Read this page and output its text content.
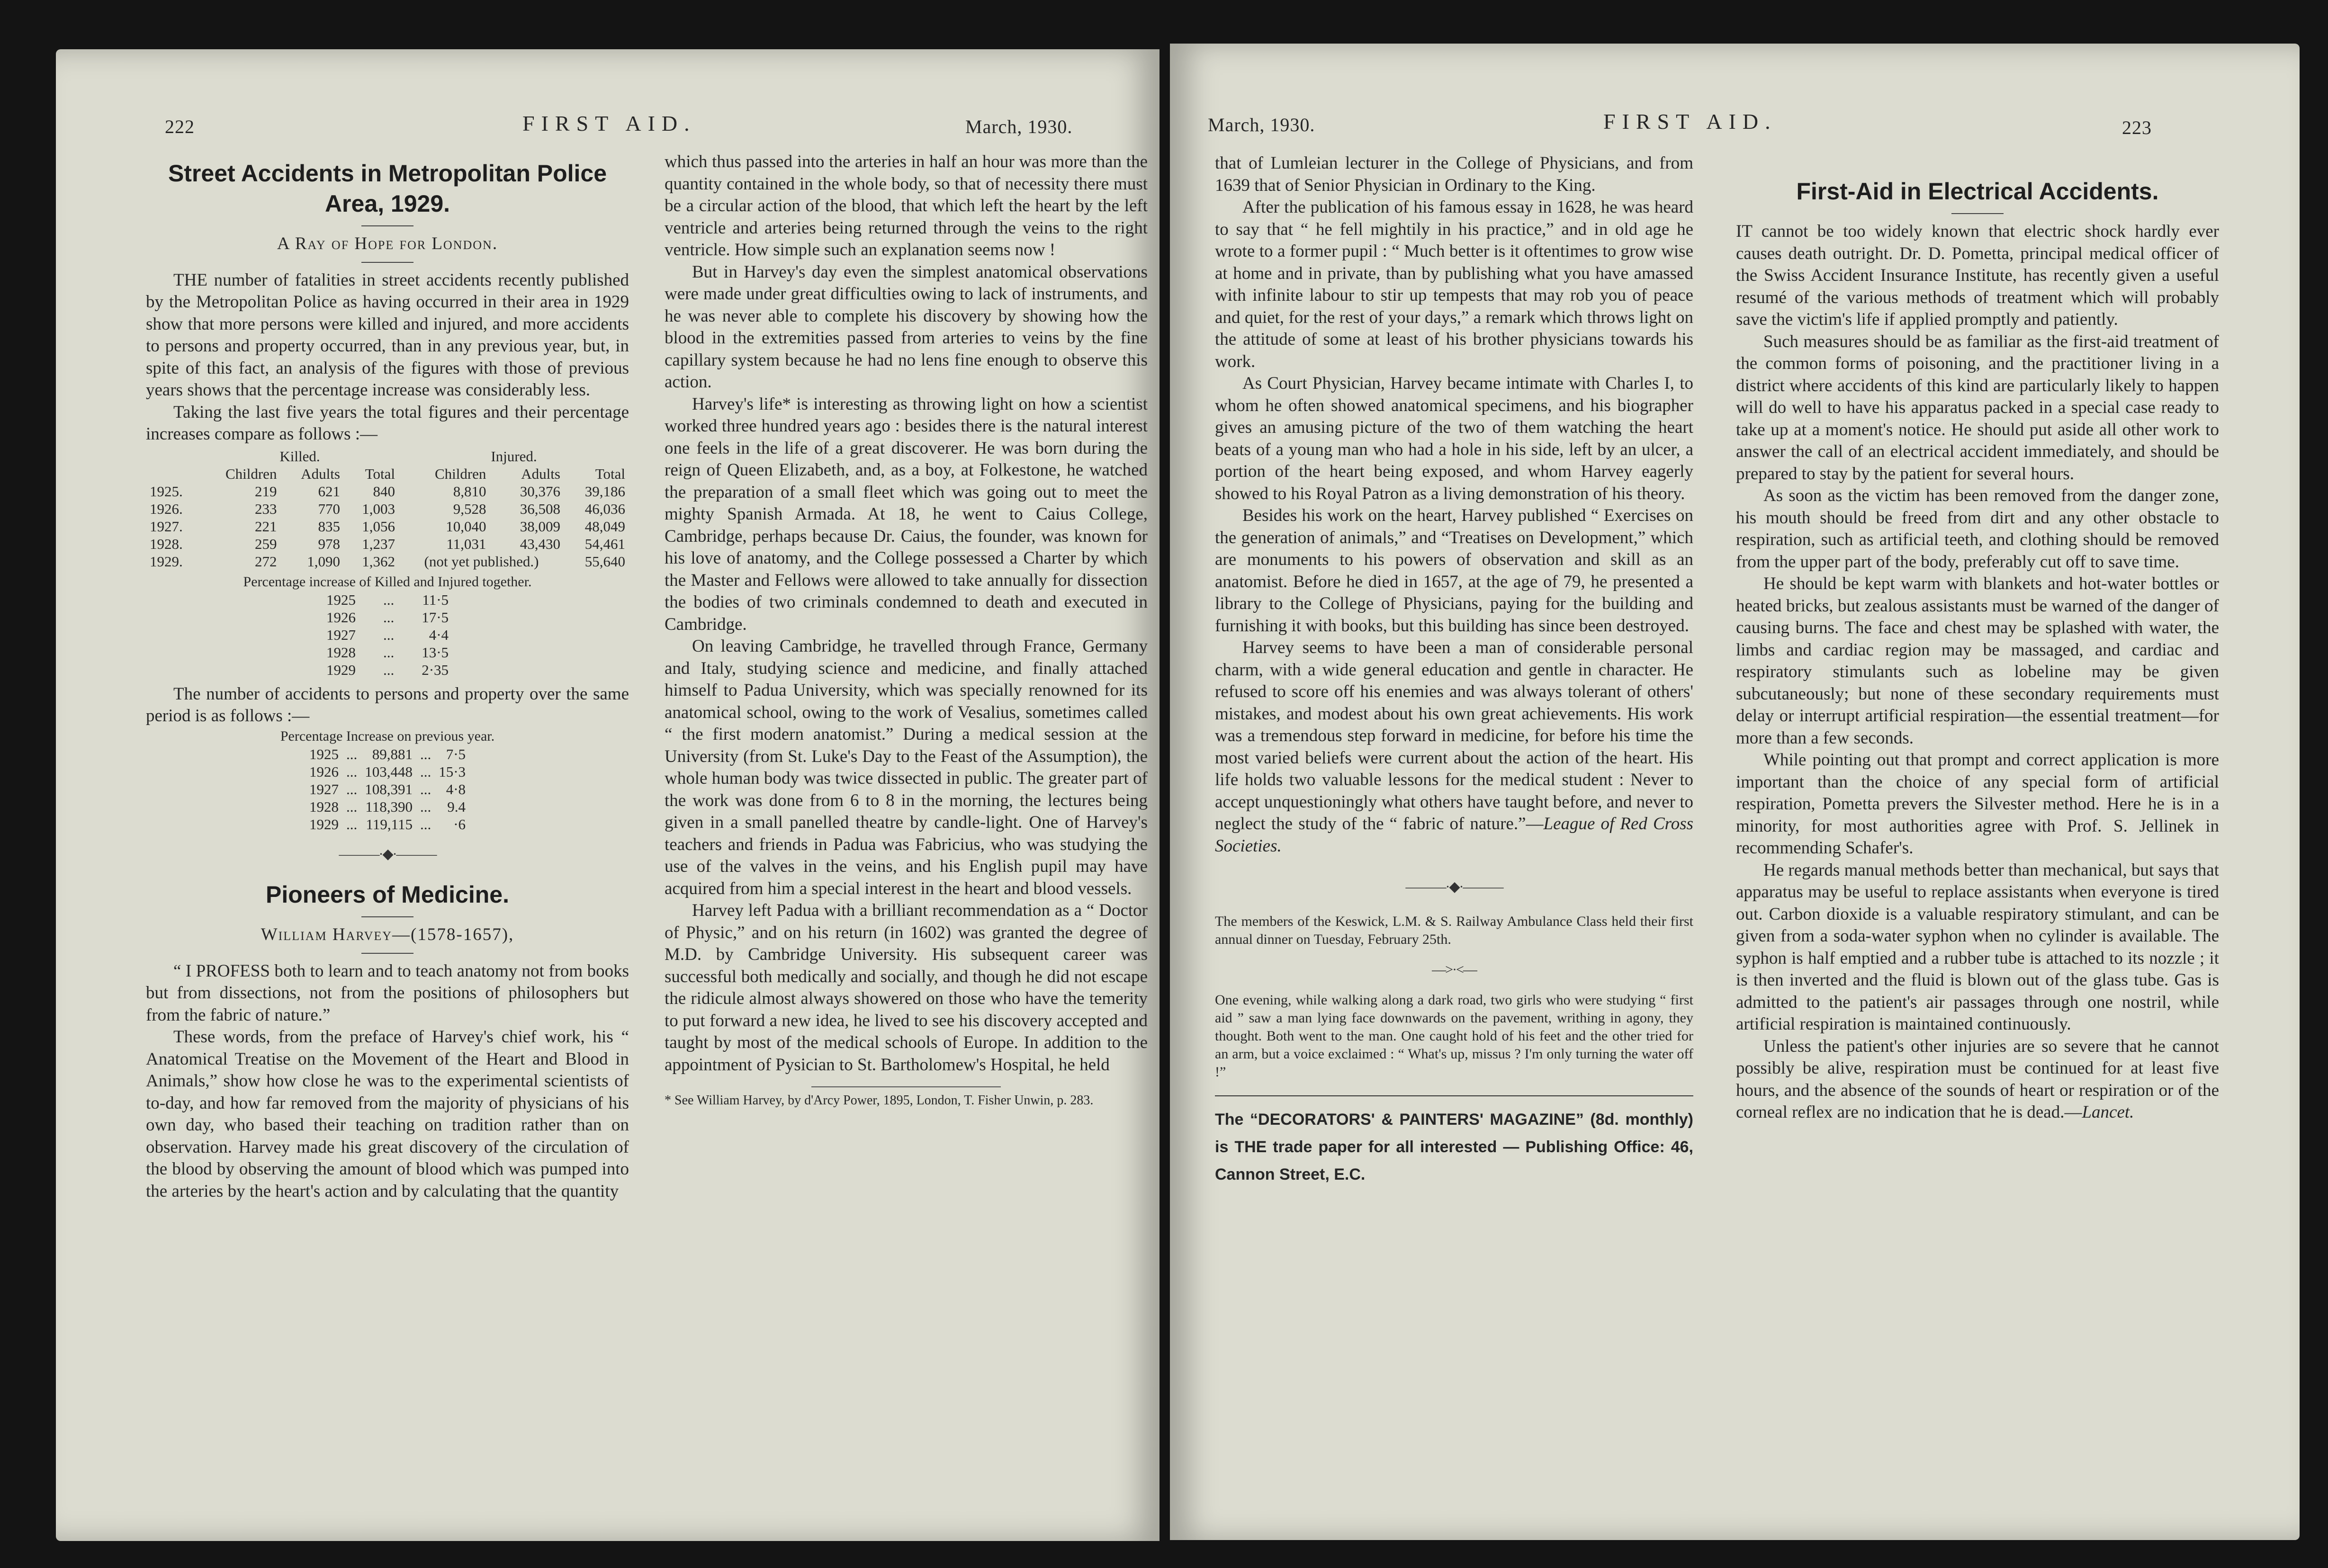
222	FIRST AID.	March, 1930.
Street Accidents in Metropolitan Police Area, 1929.
A Ray of Hope for London.

THE number of fatalities in street accidents recently published by the Metropolitan Police as having occurred in their area in 1929 show that more persons were killed and injured, and more accidents to persons and property occurred, than in any previous year, but, in spite of this fact, an analysis of the figures with those of previous years shows that the percentage increase was considerably less.

Taking the last five years the total figures and their percentage increases compare as follows :—

	Killed.			Injured.		
	Children	Adults	Total	Children	Adults	Total
1925.	219	621	840	8,810	30,376	39,186
1926.	233	770	1,003	9,528	36,508	46,036
1927.	221	835	1,056	10,040	38,009	48,049
1928.	259	978	1,237	11,031	43,430	54,461
1929.	272	1,090	1,362	(not yet published.)		55,640
Percentage increase of Killed and Injured together.
1925	...	11·5
1926	...	17·5
1927	...	4·4
1928	...	13·5
1929	...	2·35

The number of accidents to persons and property over the same period is as follows :—

Percentage Increase on previous year.
1925	...	89,881	...	7·5
1926	...	103,448	...	15·3
1927	...	108,391	...	4·8
1928	...	118,390	...	9.4
1929	...	119,115	...	·6
———·◆·———
Pioneers of Medicine.
William Harvey—(1578-1657),

“ I PROFESS both to learn and to teach anatomy not from books but from dissections, not from the positions of philosophers but from the fabric of nature.”

These words, from the preface of Harvey's chief work, his “ Anatomical Treatise on the Movement of the Heart and Blood in Animals,” show how close he was to the experimental scientists of to-day, and how far removed from the majority of physicians of his own day, who based their teaching on tradition rather than on observation. Harvey made his great discovery of the circulation of the blood by observing the amount of blood which was pumped into the arteries by the heart's action and by calculating that the quantity

which thus passed into the arteries in half an hour was more than the quantity contained in the whole body, so that of necessity there must be a circular action of the blood, that which left the heart by the left ventricle and arteries being returned through the veins to the right ventricle. How simple such an explanation seems now !

But in Harvey's day even the simplest anatomical observations were made under great difficulties owing to lack of instruments, and he was never able to complete his discovery by showing how the blood in the extremities passed from arteries to veins by the fine capillary system because he had no lens fine enough to observe this action.

Harvey's life* is interesting as throwing light on how a scientist worked three hundred years ago : besides there is the natural interest one feels in the life of a great discoverer. He was born during the reign of Queen Elizabeth, and, as a boy, at Folkestone, he watched the preparation of a small fleet which was going out to meet the mighty Spanish Armada. At 18, he went to Caius College, Cambridge, perhaps because Dr. Caius, the founder, was known for his love of anatomy, and the College possessed a Charter by which the Master and Fellows were allowed to take annually for dissection the bodies of two criminals condemned to death and executed in Cambridge.

On leaving Cambridge, he travelled through France, Germany and Italy, studying science and medicine, and finally attached himself to Padua University, which was specially renowned for its anatomical school, owing to the work of Vesalius, sometimes called “ the first modern anatomist.” During a medical session at the University (from St. Luke's Day to the Feast of the Assumption), the whole human body was twice dissected in public. The greater part of the work was done from 6 to 8 in the morning, the lectures being given in a small panelled theatre by candle-light. One of Harvey's teachers and friends in Padua was Fabricius, who was studying the use of the valves in the veins, and his English pupil may have acquired from him a special interest in the heart and blood vessels.

Harvey left Padua with a brilliant recommendation as a “ Doctor of Physic,” and on his return (in 1602) was granted the degree of M.D. by Cambridge University. His subsequent career was successful both medically and socially, and though he did not escape the ridicule almost always showered on those who have the temerity to put forward a new idea, he lived to see his discovery accepted and taught by most of the medical schools of Europe. In addition to the appointment of Pysician to St. Bartholomew's Hospital, he held

* See William Harvey, by d'Arcy Power, 1895, London, T. Fisher Unwin, p. 283.
March, 1930.	FIRST AID.	223

that of Lumleian lecturer in the College of Physicians, and from 1639 that of Senior Physician in Ordinary to the King.

After the publication of his famous essay in 1628, he was heard to say that “ he fell mightily in his practice,” and in old age he wrote to a former pupil : “ Much better is it oftentimes to grow wise at home and in private, than by publishing what you have amassed with infinite labour to stir up tempests that may rob you of peace and quiet, for the rest of your days,” a remark which throws light on the attitude of some at least of his brother physicians towards his work.

As Court Physician, Harvey became intimate with Charles I, to whom he often showed anatomical specimens, and his biographer gives an amusing picture of the two of them watching the heart beats of a young man who had a hole in his side, left by an ulcer, a portion of the heart being exposed, and whom Harvey eagerly showed to his Royal Patron as a living demonstration of his theory.

Besides his work on the heart, Harvey published “ Exercises on the generation of animals,” and “Treatises on Development,” which are monuments to his powers of observation and skill as an anatomist. Before he died in 1657, at the age of 79, he presented a library to the College of Physicians, paying for the building and furnishing it with books, but this building has since been destroyed.

Harvey seems to have been a man of considerable personal charm, with a wide general education and gentle in character. He refused to score off his enemies and was always tolerant of others' mistakes, and modest about his own great achievements. His work was a tremendous step forward in medicine, for before his time the most varied beliefs were current about the action of the heart. His life holds two valuable lessons for the medical student : Never to accept unquestioningly what others have taught before, and never to neglect the study of the “ fabric of nature.”—League of Red Cross Societies.

———·◆·———

The members of the Keswick, L.M. & S. Railway Ambulance Class held their first annual dinner on Tuesday, February 25th.

—>·<—

One evening, while walking along a dark road, two girls who were studying “ first aid ” saw a man lying face downwards on the pavement, writhing in agony, they thought. Both went to the man. One caught hold of his feet and the other tried for an arm, but a voice exclaimed : “ What's up, missus ? I'm only turning the water off !”

The “DECORATORS' & PAINTERS' MAGAZINE” (8d. monthly) is THE trade paper for all interested — Publishing Office: 46, Cannon Street, E.C.
First-Aid in Electrical Accidents.

IT cannot be too widely known that electric shock hardly ever causes death outright. Dr. D. Pometta, principal medical officer of the Swiss Accident Insurance Institute, has recently given a useful resumé of the various methods of treatment which will probably save the victim's life if applied promptly and patiently.

Such measures should be as familiar as the first-aid treatment of the common forms of poisoning, and the practitioner living in a district where accidents of this kind are particularly likely to happen will do well to have his apparatus packed in a special case ready to take up at a moment's notice. He should put aside all other work to answer the call of an electrical accident immediately, and should be prepared to stay by the patient for several hours.

As soon as the victim has been removed from the danger zone, his mouth should be freed from dirt and any other obstacle to respiration, such as artificial teeth, and clothing should be removed from the upper part of the body, preferably cut off to save time.

He should be kept warm with blankets and hot-water bottles or heated bricks, but zealous assistants must be warned of the danger of causing burns. The face and chest may be splashed with water, the limbs and cardiac region may be massaged, and cardiac and respiratory stimulants such as lobeline may be given subcutaneously; but none of these secondary requirements must delay or interrupt artificial respiration—the essential treatment—for more than a few seconds.

While pointing out that prompt and correct application is more important than the choice of any special form of artificial respiration, Pometta prevers the Silvester method. Here he is in a minority, for most authorities agree with Prof. S. Jellinek in recommending Schafer's.

He regards manual methods better than mechanical, but says that apparatus may be useful to replace assistants when everyone is tired out. Carbon dioxide is a valuable respiratory stimulant, and can be given from a soda-water syphon when no cylinder is available. The syphon is half emptied and a rubber tube is attached to its nozzle ; it is then inverted and the fluid is blown out of the glass tube. Gas is admitted to the patient's air passages through one nostril, while artificial respiration is maintained continuously.

Unless the patient's other injuries are so severe that he cannot possibly be alive, respiration must be continued for at least five hours, and the absence of the sounds of heart or respiration or of the corneal reflex are no indication that he is dead.—Lancet.
